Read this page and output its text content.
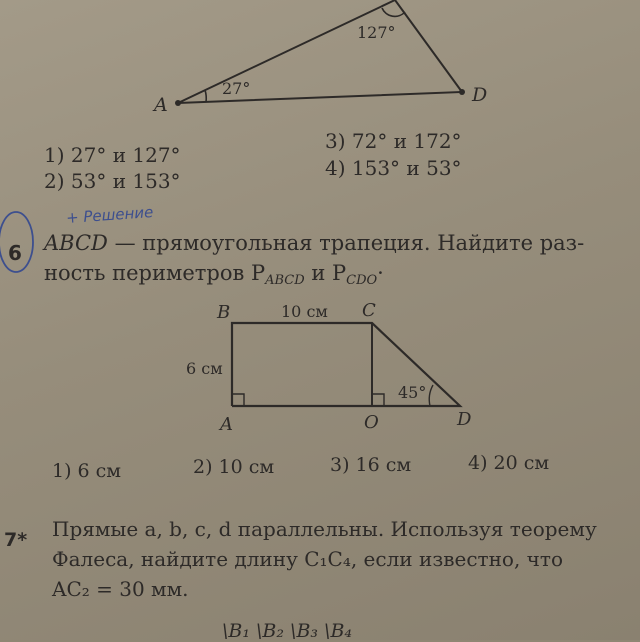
127°
27°
A	D
1) 27° и 127°
2) 53° и 153°
3) 72° и 172°
4) 153° и 53°
+ Решение
6 ABCD — прямоугольная трапеция. Найдите раз-
ность периметров PABCD и PCDO·
B	C
A	O	D
10 см
6 см
45°
1) 6 см	2) 10 см	3) 16 см	4) 20 см
7* Прямые a, b, c, d параллельны. Используя теорему
Фалеса, найдите длину C₁C₄, если известно, что
AC₂ = 30 мм.
\B₁ \B₂ \B₃ \B₄
